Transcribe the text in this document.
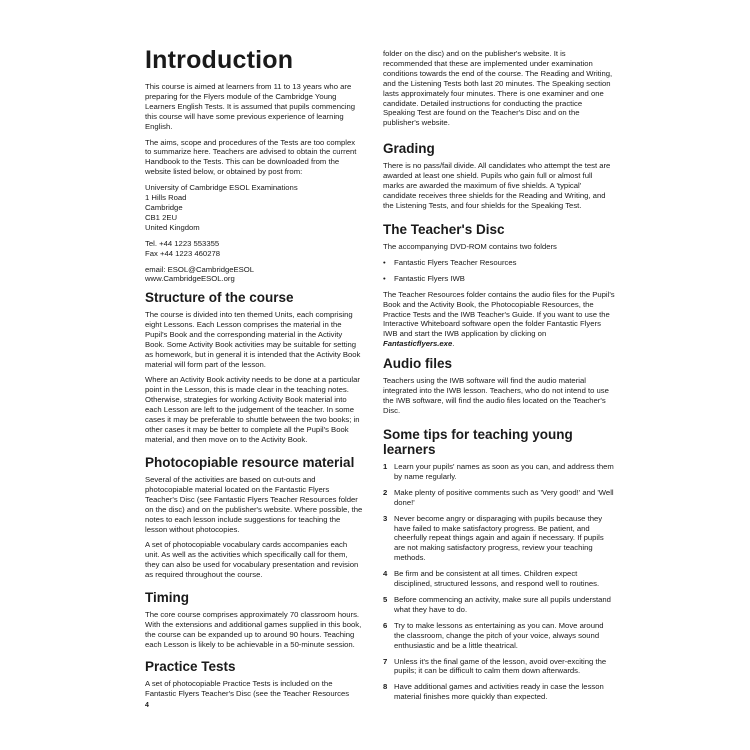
Introduction

This course is aimed at learners from 11 to 13 years who are preparing for the Flyers module of the Cambridge Young Learners English Tests. It is assumed that pupils commencing this course will have some previous experience of learning English.

The aims, scope and procedures of the Tests are too complex to summarize here. Teachers are advised to obtain the current Handbook to the Tests. This can be downloaded from the website listed below, or obtained by post from:

University of Cambridge ESOL Examinations
1 Hills Road
Cambridge
CB1 2EU
United Kingdom

Tel. +44 1223 553355
Fax +44 1223 460278

email: ESOL@CambridgeESOL
www.CambridgeESOL.org

Structure of the course

The course is divided into ten themed Units, each comprising eight Lessons. Each Lesson comprises the material in the Pupil's Book and the corresponding material in the Activity Book. Some Activity Book activities may be suitable for setting as homework, but in general it is intended that the Activity Book material will form part of the lesson.

Where an Activity Book activity needs to be done at a particular point in the Lesson, this is made clear in the teaching notes. Otherwise, strategies for working Activity Book material into each Lesson are left to the judgement of the teacher. In some cases it may be preferable to shuttle between the two books; in other cases it may be better to complete all the Pupil's Book material, and then move on to the Activity Book.

Photocopiable resource material

Several of the activities are based on cut-outs and photocopiable material located on the Fantastic Flyers Teacher's Disc (see Fantastic Flyers Teacher Resources folder on the disc) and on the publisher's website. Where possible, the notes to each lesson include suggestions for teaching the lesson without photocopies.

A set of photocopiable vocabulary cards accompanies each unit. As well as the activities which specifically call for them, they can also be used for vocabulary presentation and revision as required throughout the course.

Timing

The core course comprises approximately 70 classroom hours. With the extensions and additional games supplied in this book, the course can be expanded up to around 90 hours. Teaching each Lesson is likely to be achievable in a 50-minute session.

Practice Tests

A set of photocopiable Practice Tests is included on the Fantastic Flyers Teacher's Disc (see the Teacher Resources

folder on the disc) and on the publisher's website. It is recommended that these are implemented under examination conditions towards the end of the course. The Reading and Writing, and the Listening Tests both last 20 minutes. The Speaking section lasts approximately four minutes. There is one examiner and one candidate. Detailed instructions for conducting the practice Speaking Test are found on the Teacher's Disc and on the publisher's website.

Grading

There is no pass/fail divide. All candidates who attempt the test are awarded at least one shield. Pupils who gain full or almost full marks are awarded the maximum of five shields. A 'typical' candidate receives three shields for the Reading and Writing, and the Listening Tests, and four shields for the Speaking Test.

The Teacher's Disc

The accompanying DVD-ROM contains two folders

• Fantastic Flyers Teacher Resources
• Fantastic Flyers IWB

The Teacher Resources folder contains the audio files for the Pupil's Book and the Activity Book, the Photocopiable Resources, the Practice Tests and the IWB Teacher's Guide. If you want to use the Interactive Whiteboard software open the folder Fantastic Flyers IWB and start the IWB application by clicking on Fantasticflyers.exe.

Audio files

Teachers using the IWB software will find the audio material integrated into the IWB lesson. Teachers, who do not intend to use the IWB software, will find the audio files located on the Teacher's Disc.

Some tips for teaching young learners
1 Learn your pupils' names as soon as you can, and address them by name regularly.
2 Make plenty of positive comments such as 'Very good!' and 'Well done!'
3 Never become angry or disparaging with pupils because they have failed to make satisfactory progress. Be patient, and cheerfully repeat things again and again if necessary. If pupils are not making satisfactory progress, review your teaching methods.
4 Be firm and be consistent at all times. Children expect disciplined, structured lessons, and respond well to routines.
5 Before commencing an activity, make sure all pupils understand what they have to do.
6 Try to make lessons as entertaining as you can. Move around the classroom, change the pitch of your voice, always sound enthusiastic and be a little theatrical.
7 Unless it's the final game of the lesson, avoid over-exciting the pupils; it can be difficult to calm them down afterwards.
8 Have additional games and activities ready in case the lesson material finishes more quickly than expected.
4
